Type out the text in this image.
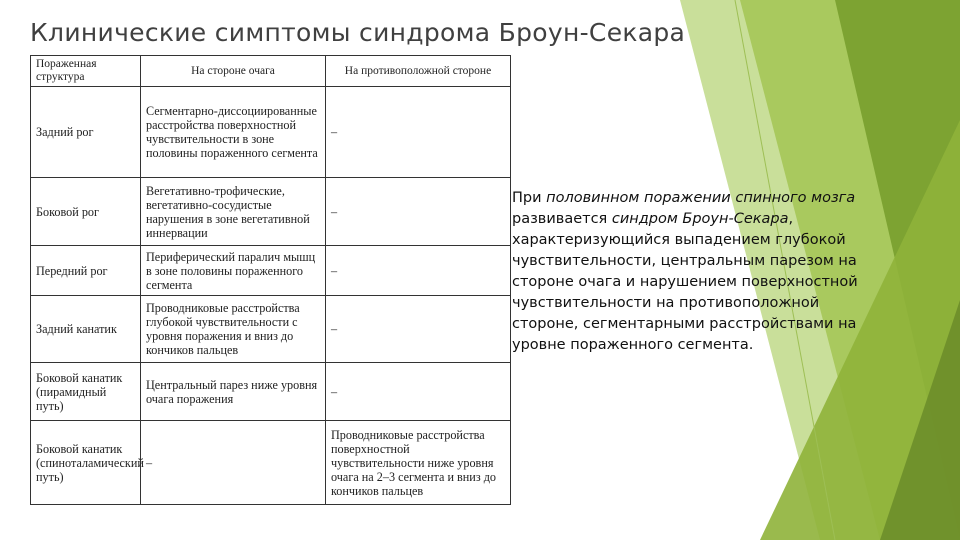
Клинические симптомы синдрома Броун-Секара
Пораженная структура	На стороне очага	На противоположной стороне
Задний рог	Сегментарно-диссоциированные расстройства поверхностной чувствительности в зоне половины пораженного сегмента	–
Боковой рог	Вегетативно-трофические, вегетативно-сосудистые нарушения в зоне вегетативной иннервации	–
Передний рог	Периферический паралич мышц в зоне половины пораженного сегмента	–
Задний канатик	Проводниковые расстройства глубокой чувствительности с уровня поражения и вниз до кончиков пальцев	–
Боковой канатик (пирамидный путь)	Центральный парез ниже уровня очага поражения	–
Боковой канатик (спиноталамический путь)	–	Проводниковые расстройства поверхностной чувствительности ниже уровня очага на 2–3 сегмента и вниз до кончиков пальцев
При половинном поражении спинного мозга развивается синдром Броун-Секара, характеризующийся выпадением глубокой чувствительности, центральным парезом на стороне очага и нарушением поверхностной чувствительности на противоположной стороне, сегментарными расстройствами на уровне пораженного сегмента.
